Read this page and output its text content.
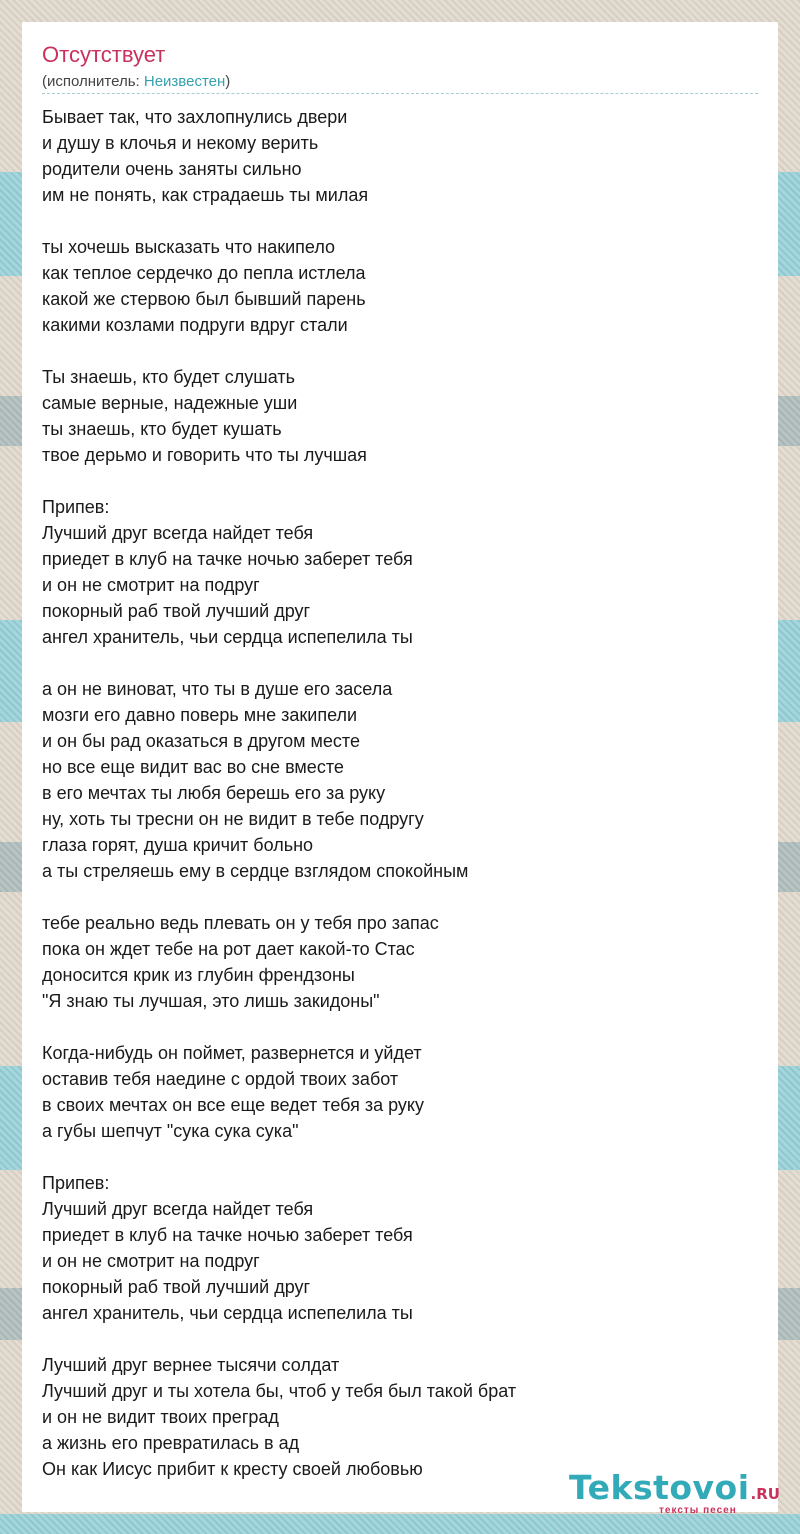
Отсутствует
(исполнитель: Неизвестен)
Бывает так, что захлопнулись двери
и душу в клочья и некому верить
родители очень заняты сильно
им не понять, как страдаешь ты милая
ты хочешь высказать что накипело
как теплое сердечко до пепла истлела
какой же стервою был бывший парень
какими козлами подруги вдруг стали
Ты знаешь, кто будет слушать
самые верные, надежные уши
ты знаешь, кто будет кушать
твое дерьмо и говорить что ты лучшая
Припев:
Лучший друг всегда найдет тебя
приедет в клуб на тачке ночью заберет тебя
и он не смотрит на подруг
покорный раб твой лучший друг
ангел хранитель, чьи сердца испепелила ты
а он не виноват, что ты в душе его засела
мозги его давно поверь мне закипели
и он бы рад оказаться в другом месте
но все еще видит вас во сне вместе
в его мечтах ты любя берешь его за руку
ну, хоть ты тресни он не видит в тебе подругу
глаза горят, душа кричит больно
а ты стреляешь ему в сердце взглядом спокойным
тебе реально ведь плевать он у тебя про запас
пока он ждет тебе на рот дает какой-то Стас
доносится крик из глубин френдзоны
"Я знаю ты лучшая, это лишь закидоны"
Когда-нибудь он поймет, развернется и уйдет
оставив тебя наедине с ордой твоих забот
в своих мечтах он все еще ведет тебя за руку
а губы шепчут "сука сука сука"
Припев:
Лучший друг всегда найдет тебя
приедет в клуб на тачке ночью заберет тебя
и он не смотрит на подруг
покорный раб твой лучший друг
ангел хранитель, чьи сердца испепелила ты
Лучший друг вернее тысячи солдат
Лучший друг и ты хотела бы, чтоб у тебя был такой брат
и он не видит твоих преград
а жизнь его превратилась в ад
Он как Иисус прибит к кресту своей любовью	Tekstovoi.RU
тексты песен
